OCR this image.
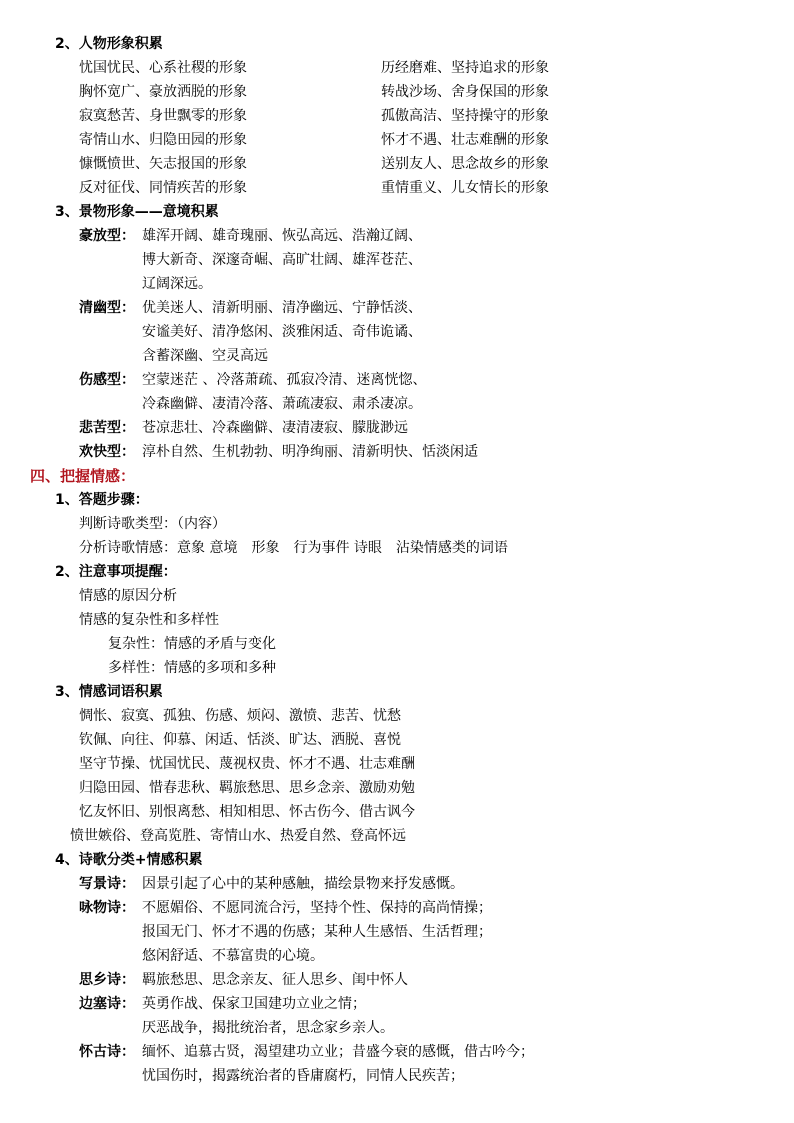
2、人物形象积累
忧国忧民、心系社稷的形象	历经磨难、坚持追求的形象
胸怀宽广、豪放洒脱的形象	转战沙场、舍身保国的形象
寂寞愁苦、身世飘零的形象	孤傲高洁、坚持操守的形象
寄情山水、归隐田园的形象	怀才不遇、壮志难酬的形象
慷慨愤世、矢志报国的形象	送别友人、思念故乡的形象
反对征伐、同情疾苦的形象	重情重义、儿女情长的形象
3、景物形象——意境积累
豪放型： 雄浑开阔、雄奇瑰丽、恢弘高远、浩瀚辽阔、
博大新奇、深邃奇崛、高旷壮阔、雄浑苍茫、
辽阔深远。
清幽型： 优美迷人、清新明丽、清净幽远、宁静恬淡、
安谧美好、清净悠闲、淡雅闲适、奇伟诡谲、
含蓄深幽、空灵高远
伤感型： 空蒙迷茫 、冷落萧疏、孤寂冷清、迷离恍惚、
冷森幽僻、凄清冷落、萧疏凄寂、肃杀凄凉。
悲苦型： 苍凉悲壮、冷森幽僻、凄清凄寂、朦胧渺远
欢快型： 淳朴自然、生机勃勃、明净绚丽、清新明快、恬淡闲适
四、把握情感：
1、答题步骤：
判断诗歌类型：（内容）
分析诗歌情感：意象 意境　形象　行为事件 诗眼　沾染情感类的词语
2、注意事项提醒：
情感的原因分析
情感的复杂性和多样性
复杂性：情感的矛盾与变化
多样性：情感的多项和多种
3、情感词语积累
惆怅、寂寞、孤独、伤感、烦闷、激愤、悲苦、忧愁
钦佩、向往、仰慕、闲适、恬淡、旷达、洒脱、喜悦
坚守节操、忧国忧民、蔑视权贵、怀才不遇、壮志难酬
归隐田园、惜春悲秋、羁旅愁思、思乡念亲、激励劝勉
忆友怀旧、别恨离愁、相知相思、怀古伤今、借古讽今
愤世嫉俗、登高览胜、寄情山水、热爱自然、登高怀远
4、诗歌分类+情感积累
写景诗： 因景引起了心中的某种感触，描绘景物来抒发感慨。
咏物诗： 不愿媚俗、不愿同流合污，坚持个性、保持的高尚情操；
报国无门、怀才不遇的伤感；某种人生感悟、生活哲理；
悠闲舒适、不慕富贵的心境。
思乡诗： 羁旅愁思、思念亲友、征人思乡、闺中怀人
边塞诗： 英勇作战、保家卫国建功立业之情；
厌恶战争，揭批统治者，思念家乡亲人。
怀古诗： 缅怀、追慕古贤，渴望建功立业；昔盛今衰的感慨，借古吟今；
忧国伤时，揭露统治者的昏庸腐朽，同情人民疾苦；
